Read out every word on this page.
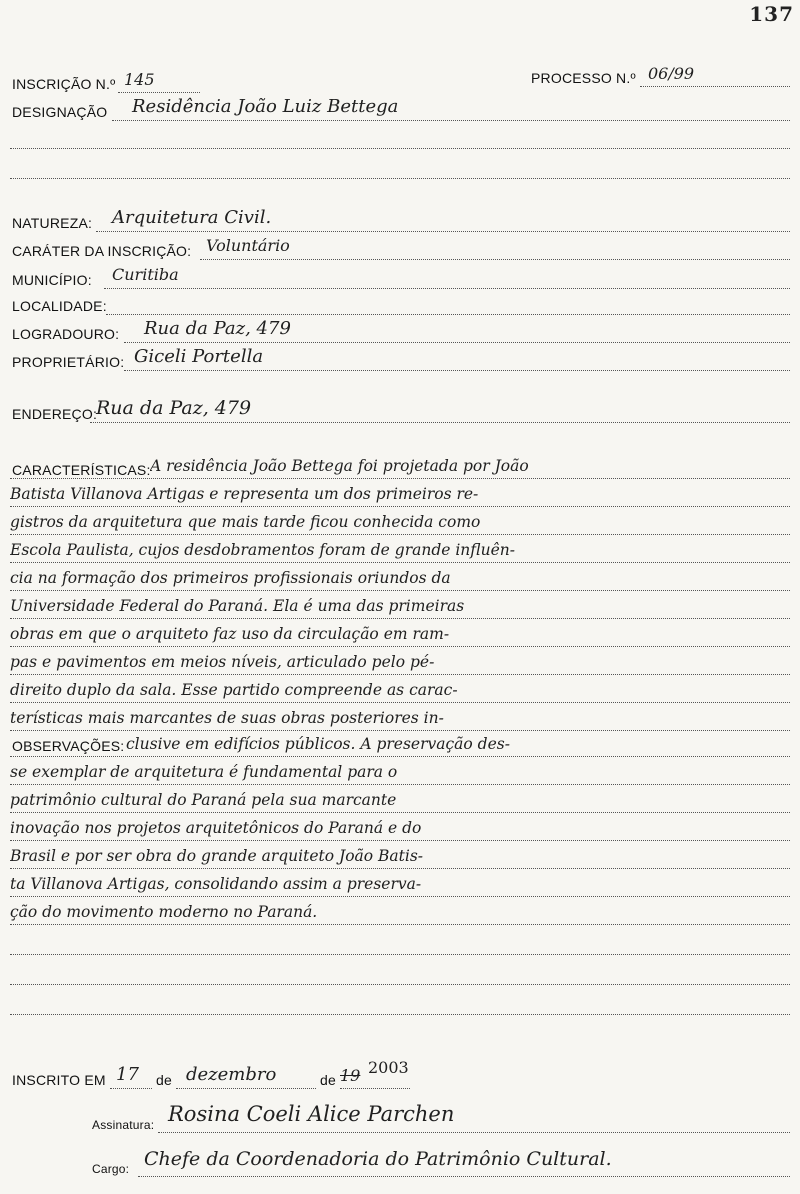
137
INSCRIÇÃO N.º 145	PROCESSO N.º 06/99
DESIGNAÇÃO Residência João Luiz Bettega
NATUREZA: Arquitetura Civil.
CARÁTER DA INSCRIÇÃO: Voluntário
MUNICÍPIO: Curitiba
LOCALIDADE:
LOGRADOURO: Rua da Paz, 479
PROPRIETÁRIO: Giceli Portella
ENDEREÇO:
Rua da Paz, 479
CARACTERÍSTICAS: A residência João Bettega foi projetada por João
Batista Villanova Artigas e representa um dos primeiros re-
gistros da arquitetura que mais tarde ficou conhecida como
Escola Paulista, cujos desdobramentos foram de grande influên-
cia na formação dos primeiros profissionais oriundos da
Universidade Federal do Paraná. Ela é uma das primeiras
obras em que o arquiteto faz uso da circulação em ram-
pas e pavimentos em meios níveis, articulado pelo pé-
direito duplo da sala. Esse partido compreende as carac-
terísticas mais marcantes de suas obras posteriores in-
OBSERVAÇÕES: clusive em edifícios públicos. A preservação des-
se exemplar de arquitetura é fundamental para o
patrimônio cultural do Paraná pela sua marcante
inovação nos projetos arquitetônicos do Paraná e do
Brasil e por ser obra do grande arquiteto João Batis-
ta Villanova Artigas, consolidando assim a preserva-
ção do movimento moderno no Paraná.
INSCRITO EM 17 de dezembro	de 19 2003
Assinatura: Rosina Coeli Alice Parchen
Cargo: Chefe da Coordenadoria do Patrimônio Cultural.
